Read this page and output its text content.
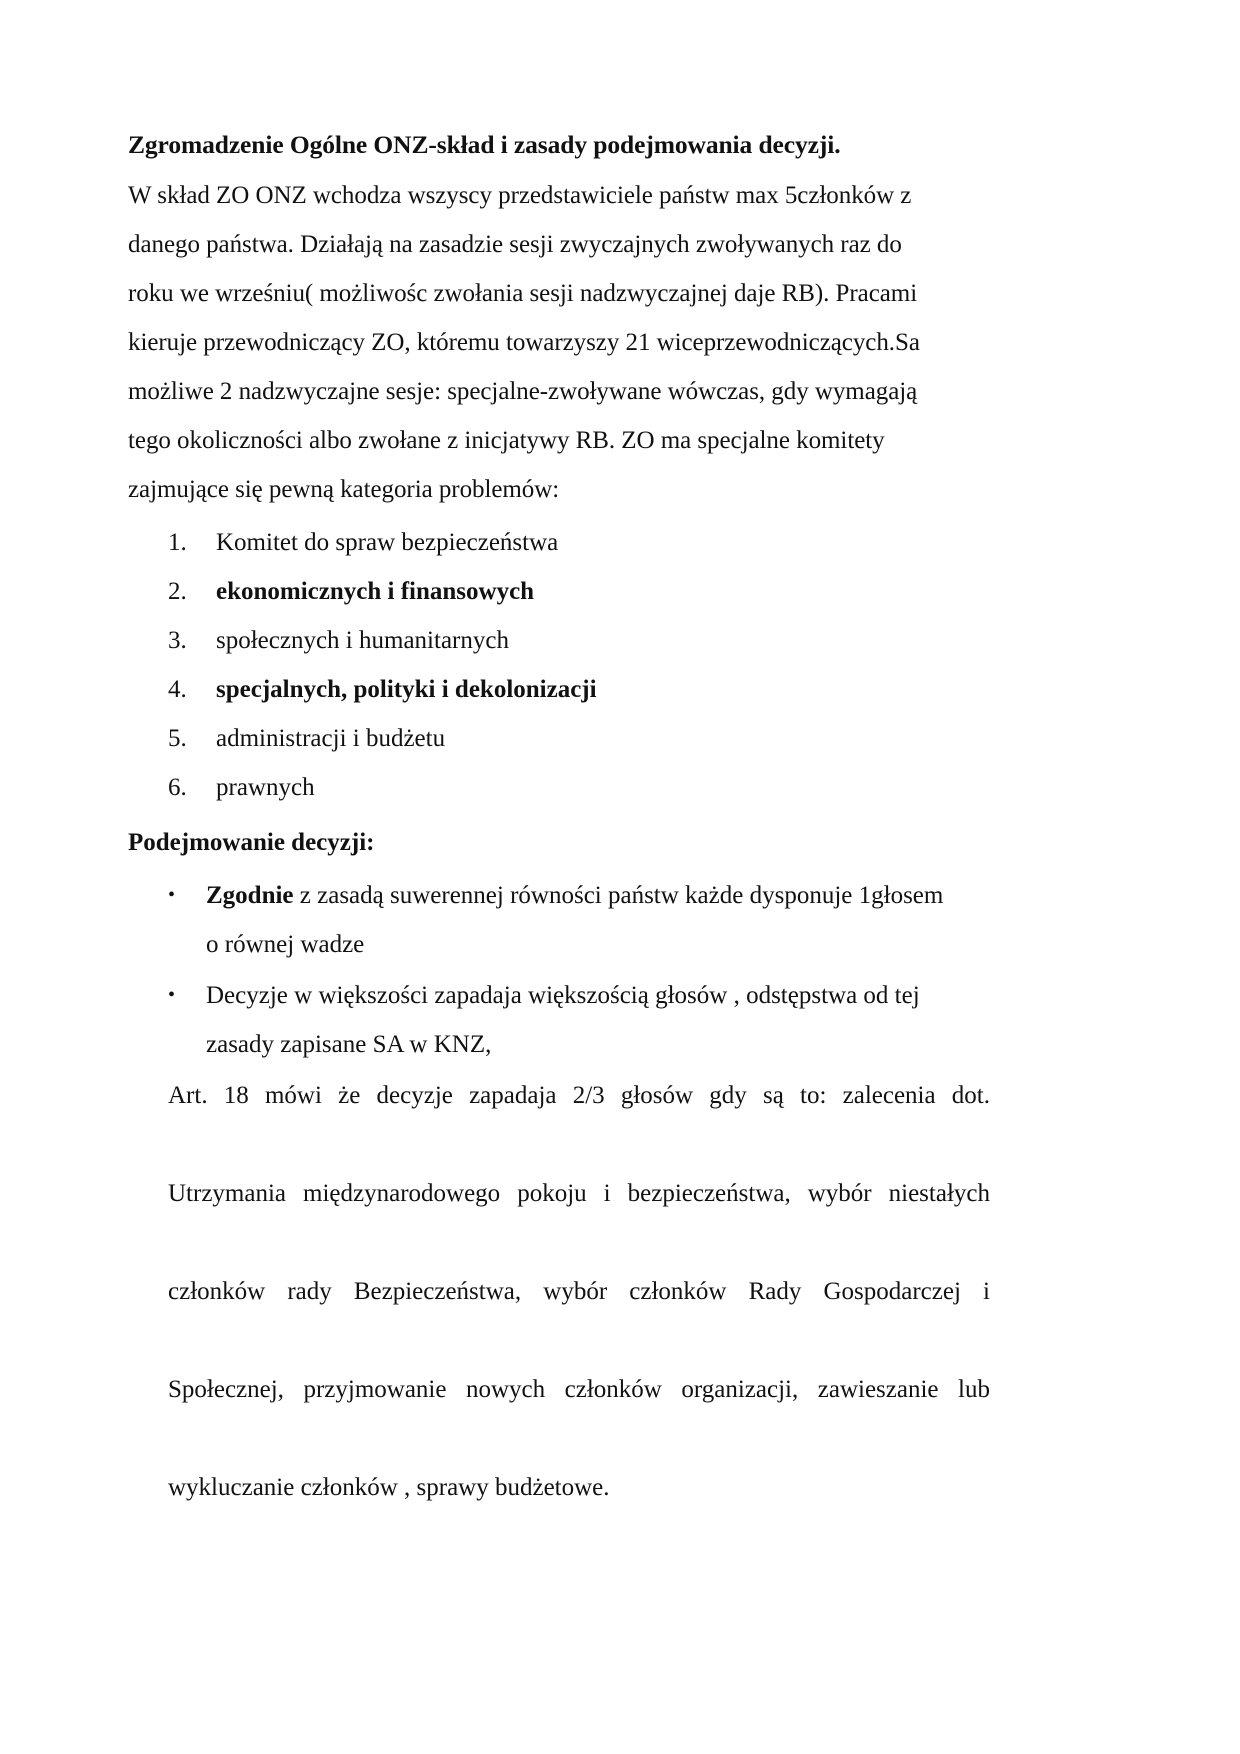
Zgromadzenie Ogólne ONZ-skład i zasady podejmowania decyzji.

W skład ZO ONZ wchodza wszyscy przedstawiciele państw max 5członków z
danego państwa. Działają na zasadzie sesji zwyczajnych zwoływanych raz do
roku we wrześniu( możliwośc zwołania sesji nadzwyczajnej daje RB). Pracami
kieruje przewodniczący ZO, któremu towarzyszy 21 wiceprzewodniczących.Sa
możliwe 2 nadzwyczajne sesje: specjalne-zwoływane wówczas, gdy wymagają
tego okoliczności albo zwołane z inicjatywy RB. ZO ma specjalne komitety
zajmujące się pewną kategoria problemów:

1.	Komitet do spraw bezpieczeństwa
2.	ekonomicznych i finansowych
3.	społecznych i humanitarnych
4.	specjalnych, polityki i dekolonizacji
5.	administracji i budżetu
6.	prawnych

Podejmowanie decyzji:

• Zgodnie z zasadą suwerennej równości państw każde dysponuje 1głosem
o równej wadze
• Decyzje w większości zapadaja większością głosów , odstępstwa od tej
zasady zapisane SA w KNZ,

Art. 18 mówi że decyzje zapadaja 2/3 głosów gdy są to: zalecenia dot.
Utrzymania międzynarodowego pokoju i bezpieczeństwa, wybór niestałych
członków rady Bezpieczeństwa, wybór członków Rady Gospodarczej i
Społecznej, przyjmowanie nowych członków organizacji, zawieszanie lub
wykluczanie członków , sprawy budżetowe.
